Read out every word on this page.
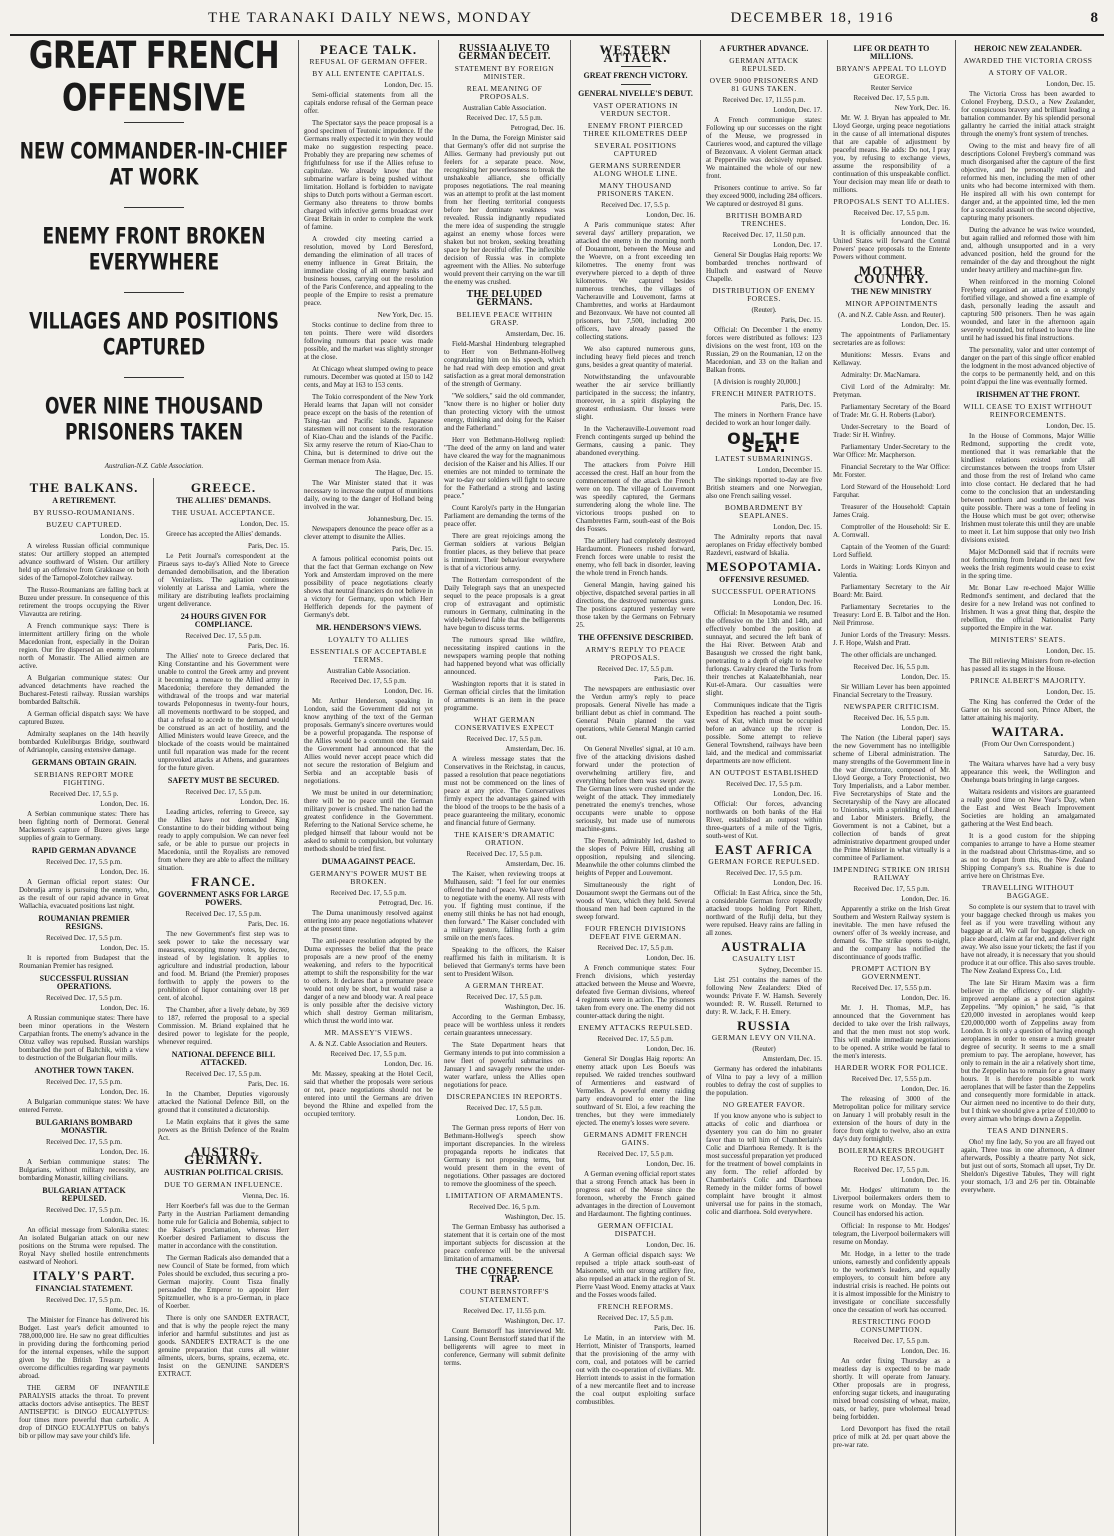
THE TARANAKI DAILY NEWS, MONDAY	DECEMBER 18, 1916	8
GREAT FRENCH OFFENSIVE
NEW COMMANDER-IN-CHIEF AT WORK
ENEMY FRONT BROKEN EVERYWHERE
VILLAGES AND POSITIONS CAPTURED
OVER NINE THOUSAND PRISONERS TAKEN
Australian-N.Z. Cable Association.
THE BALKANS.
A RETIREMENT.
BY RUSSO-ROUMANIANS.
BUZEU CAPTURED.
London, Dec. 15.

A wireless Russian official communique states: Our artillery stopped an attempted advance southward of Wisten. Our artillery held up an offensive from Grakkoase on both sides of the Tarnopol-Zolotchev railway.

The Russo-Roumanians are falling back at Buzeu under pressure. In consequence of this retirement the troops occupying the River Vlavautza are retiring.

A French communique says: There is intermittent artillery firing on the whole Macedonian front, especially in the Doiran region. Our fire dispersed an enemy column north of Monastir. The Allied airmen are active.

A Bulgarian communique states: Our advanced detachments have reached the Bucharest-Fetesti railway. Russian warships bombarded Baltschik.

A German official dispatch says: We have captured Buzeu.

Admiralty seaplanes on the 14th heavily bombarded Kuleliburgas Bridge, southward of Adrianople, causing extensive damage.

GERMANS OBTAIN GRAIN.
SERBIANS REPORT MORE FIGHTING.
Received Dec. 17, 5.5 p.
London, Dec. 16.

A Serbian communique states: There has been fighting north of Dermorat. General Mackensen's capture of Buzeu gives large supplies of grain to Germany.

RAPID GERMAN ADVANCE
Received Dec. 17, 5.5 p.m.
London, Dec. 16.

A German official report states: Our Dobrudja army is pursuing the enemy, who, as the result of our rapid advance in Great Wallachia, evacuated positions last night.

ROUMANIAN PREMIER RESIGNS.
Received Dec. 17, 5.5 p.m.
London, Dec. 15.

It is reported from Budapest that the Roumanian Premier has resigned.

SUCCESSFUL RUSSIAN OPERATIONS.
Received Dec. 17, 5.5 p.m.
London, Dec. 16.

A Russian communique states: There have been minor operations in the Western Carpathian fronts. The enemy's advance in the Oituz valley was repulsed. Russian warships bombarded the port of Baltchik, with a view to destruction of the Bulgarian flour mills.

ANOTHER TOWN TAKEN.
Received Dec. 17, 5.5 p.m.
London, Dec. 16.

A Bulgarian communique states: We have entered Ferrete.

BULGARIANS BOMBARD MONASTIR.
Received Dec. 17, 5.5 p.m.
London, Dec. 16.

A Serbian communique states: The Bulgarians, without military necessity, are bombarding Monastir, killing civilians.

BULGARIAN ATTACK REPULSED.
Received Dec. 17, 5.5 p.m.
London, Dec. 16.

An official message from Salonika states: An isolated Bulgarian attack on our new positions on the Struma were repulsed. The Royal Navy shelled hostile entrenchments eastward of Neohori.

ITALY'S PART.
FINANCIAL STATEMENT.
Received Dec. 17, 5.5 p.m.
Rome, Dec. 16.

The Minister for Finance has delivered his Budget. Last year's deficit amounted to 788,000,000 lire. He saw no great difficulties in providing during the forthcoming period for the internal expenses, while the support given by the British Treasury would overcome difficulties regarding war payments abroad.

THE GERM OF INFANTILE PARALYSIS attacks the throat. To prevent attacks doctors advise antiseptics. The BEST ANTISEPTIC is DINGO EUCALYPTUS: four times more powerful than carbolic. A drop of DINGO EUCALYPTUS on baby's bib or pillow may save your child's life.

GREECE.
THE ALLIES' DEMANDS.
THE USUAL ACCEPTANCE.
London, Dec. 15.

Greece has accepted the Allies' demands.

Paris, Dec. 15.

Le Petit Journal's correspondent at the Piraeus says to-day's Allied Note to Greece demanded demobilisation, and the liberation of Venizelists. The agitation continues violently at Larissa and Lamia, where the military are distributing leaflets proclaiming urgent deliverance.

24 HOURS GIVEN FOR COMPLIANCE.
Received Dec. 17, 5.5 p.m.
Paris, Dec. 16.

The Allies' note to Greece declared that King Constantine and his Government were unable to control the Greek army and prevent it becoming a menace to the Allied army in Macedonia; therefore they demanded the withdrawal of the troops and war material towards Peloponnesus in twenty-four hours, all movements northward to be stopped, and that a refusal to accede to the demand would be construed as an act of hostility, and the Allied Ministers would leave Greece, and the blockade of the coasts would be maintained until full reparation was made for the recent unprovoked attacks at Athens, and guarantees for the future given.

SAFETY MUST BE SECURED.
Received Dec. 17, 5.5 p.m.
London, Dec. 16.

Leading articles, referring to Greece, say the Allies have not demanded King Constantine to do their bidding without being ready to apply compulsion. We can never feel safe, or be able to pursue our projects in Macedonia, until the Royalists are removed from where they are able to affect the military situation.

FRANCE.
GOVERNMENT ASKS FOR LARGE POWERS.
Received Dec. 17, 5.5 p.m.
Paris, Dec. 16.

The new Government's first step was to seek power to take the necessary war measures, excepting money votes, by decree, instead of by legislation. It applies to agriculture and industrial production, labour and food. M. Briand (the Premier) proposes forthwith to apply the powers to the prohibition of liquor containing over 18 per cent. of alcohol.

The Chamber, after a lively debate, by 369 to 187, referred the proposal to a special Commission. M. Briand explained that he desired power to legislate for the people, whenever required.

NATIONAL DEFENCE BILL ATTACKED.
Received Dec. 17, 5.5 p.m.
Paris, Dec. 16.

In the Chamber, Deputies vigorously attacked the National Defence Bill, on the ground that it constituted a dictatorship.

Le Matin explains that it gives the same powers as the British Defence of the Realm Act.

AUSTRO-GERMANY.
AUSTRIAN POLITICAL CRISIS.
DUE TO GERMAN INFLUENCE.
Vienna, Dec. 16.

Herr Koerber's fall was due to the German Party in the Austrian Parliament demanding home rule for Galicia and Bohemia, subject to the Kaiser's proclamation, whereas Herr Koerber desired Parliament to discuss the matter in accordance with the constitution.

The German Radicals also demanded that a new Council of State be formed, from which Poles should be excluded, thus securing a pro-German majority. Count Tisza finally persuaded the Emperor to appoint Herr Spitzmueller, who is a pro-German, in place of Koerber.

There is only one SANDER EXTRACT, and that is why the people reject the many inferior and harmful substitutes and just as goods. SANDER'S EXTRACT is the one genuine preparation that cures all winter ailments, ulcers, burns, sprains, eczema, etc. Insist on the GENUINE SANDER'S EXTRACT.

PEACE TALK.
REFUSAL OF GERMAN OFFER.
BY ALL ENTENTE CAPITALS.
London, Dec. 15.

Semi-official statements from all the capitals endorse refusal of the German peace offer.

The Spectator says the peace proposal is a good specimen of Teutonic impudence. If the Germans really expected it to win they would make no suggestion respecting peace. Probably they are preparing new schemes of frightfulness for use if the Allies refuse to capitulate. We already know that the submarine warfare is being pushed without limitation. Holland is forbidden to navigate ships to Dutch ports without a German escort. Germany also threatens to throw bombs charged with infective germs broadcast over Great Britain in order to complete the work of famine.

A crowded city meeting carried a resolution, moved by Lord Beresford, demanding the elimination of all traces of enemy influence in Great Britain, the immediate closing of all enemy banks and business houses, carrying out the resolution of the Paris Conference, and appealing to the people of the Empire to resist a premature peace.

New York, Dec. 15.

Stocks continue to decline from three to ten points. There were wild disorders following rumours that peace was made possible, and the market was slightly stronger at the close.

At Chicago wheat slumped owing to peace rumours. December was quoted at 150 to 142 cents, and May at 163 to 153 cents.

The Tokio correspondent of the New York Herald learns that Japan will not consider peace except on the basis of the retention of Tsing-tau and Pacific islands. Japanese statesmen will not consent to the restoration of Kiao-Chau and the islands of the Pacific. Six army reserve the return of Kiao-Chau to China, but is determined to drive out the German menace from Asia.

The Hague, Dec. 15.

The War Minister stated that it was necessary to increase the output of munitions daily, owing to the danger of Holland being involved in the war.

Johannesburg, Dec. 15.

Newspapers denounce the peace offer as a clever attempt to disunite the Allies.

Paris, Dec. 15.

A famous political economist points out that the fact that German exchange on New York and Amsterdam improved on the mere possibility of peace negotiations clearly shows that neutral financiers do not believe in a victory for Germany, upon which Herr Helfferich depends for the payment of Germany's debt.

MR. HENDERSON'S VIEWS.
LOYALTY TO ALLIES
ESSENTIALS OF ACCEPTABLE TERMS.
Australian Cable Association.
Received Dec. 17, 5.5 p.m.
London, Dec. 16.

Mr. Arthur Henderson, speaking in London, said the Government did not yet know anything of the text of the German proposals. Germany's sincere overtures would be a powerful propaganda. The response of the Allies would be a common one. He said the Government had announced that the Allies would never accept peace which did not secure the restoration of Belgium and Serbia and an acceptable basis of negotiations.

We must be united in our determination; there will be no peace until the German military power is crushed. The nation had the greatest confidence in the Government. Referring to the National Service scheme, he pledged himself that labour would not be asked to submit to compulsion, but voluntary methods should be tried first.

DUMA AGAINST PEACE.
GERMANY'S POWER MUST BE BROKEN.
Received Dec. 17, 5.5 p.m.
Petrograd, Dec. 16.

The Duma unanimously resolved against entering into any peace negotiations whatever at the present time.

The anti-peace resolution adopted by the Duma expresses the belief that the peace proposals are a new proof of the enemy weakening, and refers to the hypocritical attempt to shift the responsibility for the war to others. It declares that a premature peace would not only be short, but would raise a danger of a new and bloody war. A real peace is only possible after the decisive victory which shall destroy German militarism, which thrust the world into war.

MR. MASSEY'S VIEWS.
A. & N.Z. Cable Association and Reuters.
Received Dec. 17, 5.5 p.m.
London, Dec. 16.

Mr. Massey, speaking at the Hotel Cecil, said that whether the proposals were serious or not, peace negotiations should not be entered into until the Germans are driven beyond the Rhine and expelled from the occupied territory.

RUSSIA ALIVE TO GERMAN DECEIT.
STATEMENT BY FOREIGN MINISTER.
REAL MEANING OF PROPOSALS.
Australian Cable Association.
Received Dec. 17, 5.5 p.m.
Petrograd, Dec. 16.

In the Duma, the Foreign Minister said that Germany's offer did not surprise the Allies. Germany had previously put out feelers for a separate peace. Now, recognising her powerlessness to break the unshakeable alliance, she officially proposes negotiations. The real meaning was an attempt to profit at the last moment from her fleeting territorial conquests before her dominate weakness was revealed. Russia indignantly repudiated the mere idea of suspending the struggle against an enemy whose forces were shaken but not broken, seeking breathing space by her deceitful offer. The inflexible decision of Russia was in complete agreement with the Allies. No subterfuge would prevent their carrying on the war till the enemy was crushed.

THE DELUDED GERMANS.
BELIEVE PEACE WITHIN GRASP.
Amsterdam, Dec. 16.

Field-Marshal Hindenburg telegraphed to Herr von Bethmann-Hollweg congratulating him on his speech, which he had read with deep emotion and great satisfaction as a great moral demonstration of the strength of Germany.

"We soldiers," said the old commander, "know there is no higher or holier duty than protecting victory with the utmost energy, thinking and doing for the Kaiser and the Fatherland."

Herr von Bethmann-Hollweg replied: "The deed of the army on land and water have cleared the way for the magnanimous decision of the Kaiser and his Allies. If our enemies are not minded to terminate the war to-day our soldiers will fight to secure for the Fatherland a strong and lasting peace."

Count Karolyi's party in the Hungarian Parliament are demanding the terms of the peace offer.

There are great rejoicings among the German soldiers at various Belgian frontier places, as they believe that peace is imminent. Their behaviour everywhere is that of a victorious army.

The Rotterdam correspondent of the Daily Telegraph says that an unexpected sequel to the peace proposals is a great crop of extravagant and optimistic rumours in Germany, culminating in the widely-believed fable that the belligerents have begun to discuss terms.

The rumours spread like wildfire, necessitating inspired cautions in the newspapers warning people that nothing had happened beyond what was officially announced.

Washington reports that it is stated in German official circles that the limitation of armaments is an item in the peace programme.

WHAT GERMAN CONSERVATIVES EXPECT
Received Dec. 17, 5.5 p.m.
Amsterdam, Dec. 16.

A wireless message states that the Conservatives in the Reichstag, in caucus, passed a resolution that peace negotiations must not be commenced on the lines of peace at any price. The Conservatives firmly expect the advantages gained with the blood of the troops to be the basis of a peace guaranteeing the military, economic and financial future of Germany.

THE KAISER'S DRAMATIC ORATION.
Received Dec. 17, 5.5 p.m.
Amsterdam, Dec. 16.

The Kaiser, when reviewing troops at Mulhausen, said: "I feel for our enemies offered the hand of peace. We have offered to negotiate with the enemy. All rests with you. If fighting must continue, if the enemy still thinks he has not had enough, then forward." The Kaiser concluded with a military gesture, falling forth a grim smile on the men's faces.

Speaking to the officers, the Kaiser reaffirmed his faith in militarism. It is believed that Germany's terms have been sent to President Wilson.

A GERMAN THREAT.
Received Dec. 17, 5.5 p.m.
Washington, Dec. 16.

According to the German Embassy, peace will be worthless unless it renders certain guarantees unnecessary.

The State Department hears that Germany intends to put into commission a new fleet of powerful submarines on January 1 and savagely renew the under-water warfare, unless the Allies open negotiations for peace.

DISCREPANCIES IN REPORTS.
Received Dec. 17, 5.5 p.m.
London, Dec. 16.

The German press reports of Herr von Bethmann-Hollweg's speech show important discrepancies. In the wireless propaganda reports he indicates that Germany is not proposing terms, but would present them in the event of negotiations. Other passages are doctored to remove the gloominess of the speech.

LIMITATION OF ARMAMENTS.
Received Dec. 16, 5 p.m.
Washington, Dec. 15.

The German Embassy has authorised a statement that it is certain one of the most important subjects for discussion at the peace conference will be the universal limitation of armaments.

THE CONFERENCE TRAP.
COUNT BERNSTORFF'S STATEMENT.
Received Dec. 17, 11.55 p.m.
Washington, Dec. 17.

Count Bernstorff has interviewed Mr. Lansing. Count Bernstorff stated that if the belligerents will agree to meet in conference, Germany will submit definite terms.

WESTERN ATTACK.
GREAT FRENCH VICTORY.
GENERAL NIVELLE'S DEBUT.
VAST OPERATIONS IN VERDUN SECTOR.
ENEMY FRONT PIERCED THREE KILOMETRES DEEP
SEVERAL POSITIONS CAPTURED
GERMANS SURRENDER ALONG WHOLE LINE.
MANY THOUSAND PRISONERS TAKEN.
Received Dec. 17, 5.5 p.
London, Dec. 16.

A Paris communique states: After several days' artillery preparation, we attacked the enemy in the morning north of Douaumont, between the Meuse and the Woevre, on a front exceeding ten kilometres. The enemy front was everywhere pierced to a depth of three kilometres. We captured besides numerous trenches, the villages of Vacherauville and Louvemont, farms at Chambrettes, and works at Hardaumont and Bezonvaux. We have not counted all prisoners, but 7,500, including 200 officers, have already passed the collecting stations.

We also captured numerous guns, including heavy field pieces and trench guns, besides a great quantity of material.

Notwithstanding the unfavourable weather the air service brilliantly participated in the success; the infantry, moreover, in a spirit displaying the greatest enthusiasm. Our losses were slight.

In the Vacherauville-Louvemont road French contingents surged up behind the Germans, causing a panic. They abandoned everything.

The attackers from Poivre Hill accessed the crest. Half an hour from the commencement of the attack the French were on top. The village of Louvemont was speedily captured, the Germans surrendering along the whole line. The victorious troops pushed on to Chambrettes Farm, south-east of the Bois des Fosses.

The artillery had completely destroyed Hardaumont. Pioneers rushed forward, French forces were unable to resist the enemy, who fell back in disorder, leaving the whole trend in French hands.

General Mangin, having gained his objective, dispatched several parties in all directions, the destroyed numerous guns. The positions captured yesterday were those taken by the Germans on February 25.

THE OFFENSIVE DESCRIBED.
ARMY'S REPLY TO PEACE PROPOSALS.
Received Dec. 17, 5.5 p.m.
Paris, Dec. 16.

The newspapers are enthusiastic over the Verdun army's reply to peace proposals. General Nivelle has made a brilliant debut as chief in command. The General Pétain planned the vast operations, while General Mangin carried out.

On General Nivelles' signal, at 10 a.m. five of the attacking divisions dashed forward under the protection of overwhelming artillery fire, and everything before them was swept away. The German lines were crushed under the weight of the attack. They immediately penetrated the enemy's trenches, whose occupants were unable to oppose seriously, but made use of numerous machine-guns.

The French, admirably led, dashed to the slopes of Poivre Hill, crushing all opposition, repulsing and silencing. Meanwhile the other columns climbed the heights of Pepper and Louvemont.

Simultaneously the right of Douaumont swept the Germans out of the woods of Vaux, which they held. Several thousand men had been captured in the sweep forward.

FOUR FRENCH DIVISIONS DEFEAT FIVE GERMAN.
Received Dec. 17, 5.5 p.m.
London, Dec. 16.

A French communique states: Four French divisions, which yesterday attacked between the Meuse and Woevre, defeated five German divisions, whereof 4 regiments were in action. The prisoners taken from every one. The enemy did not counter-attack during the night.

ENEMY ATTACKS REPULSED.
Received Dec. 17, 5.5 p.m.
London, Dec. 16.

General Sir Douglas Haig reports: An enemy attack upon Les Boeufs was repulsed. We raided trenches southward of Armentieres and eastward of Vermelles. A powerful enemy raiding party endeavoured to enter the line southward of St. Eloi, a few reaching the trenches, but they were immediately ejected. The enemy's losses were severe.

GERMANS ADMIT FRENCH GAINS.
Received Dec. 17, 5.5 p.m.
London, Dec. 16.

A German evening official report states that a strong French attack has been in progress east of the Meuse since the forenoon, whereby the French gained advantages in the direction of Louvemont and Hardaumont. The fighting continues.

GERMAN OFFICIAL DISPATCH.
London, Dec. 16.

A German official dispatch says: We repulsed a triple attack south-east of Maisonette, with our strong artillery fire, also repulsed an attack in the region of St. Pierre Vaast Wood. Enemy attacks at Vaux and the Fosses woods failed.

FRENCH REFORMS.
Received Dec. 17, 5.5 p.m.
Paris, Dec. 16.

Le Matin, in an interview with M. Herriott, Minister of Transports, learned that the provisioning of the army with corn, coal, and potatoes will be carried out with the co-operation of civilians. Mr. Herriott intends to assist in the formation of a new mercantile fleet and to increase the coal output exploiting surface combustibles.

A FURTHER ADVANCE.
GERMAN ATTACK REPULSED.
OVER 9000 PRISONERS AND 81 GUNS TAKEN.
Received Dec. 17, 11.55 p.m.
London, Dec. 17.

A French communique states: Following up our successes on the right of the Meuse, we progressed in Caurieres wood, and captured the village of Bezonvaux. A violent German attack at Pepperville was decisively repulsed. We maintained the whole of our new front.

Prisoners continue to arrive. So far they exceed 9000, including 284 officers. We captured or destroyed 81 guns.

BRITISH BOMBARD TRENCHES.
Received Dec. 17, 11.50 p.m.
London, Dec. 17.

General Sir Douglas Haig reports: We bombarded trenches northward of Hulluch and eastward of Neuve Chapelle.

DISTRIBUTION OF ENEMY FORCES.
(Reuter).
Paris, Dec. 15.

Official: On December 1 the enemy forces were distributed as follows: 123 divisions on the west front, 103 on the Russian, 29 on the Roumanian, 12 on the Macedonian, and 33 on the Italian and Balkan fronts.

[A division is roughly 20,000.]

FRENCH MINER PATRIOTS.
Paris, Dec. 15.

The miners in Northern France have decided to work an hour longer daily.

ON THE SEA.
LATEST SUBMARININGS.
London, December 15.

The sinkings reported to-day are five British steamers and one Norwegian, also one French sailing vessel.

BOMBARDMENT BY SEAPLANES.
London, Dec. 15.

The Admiralty reports that naval aeroplanes on Friday effectively bombed Razdevri, eastward of Iskalia.

MESOPOTAMIA.
OFFENSIVE RESUMED.
SUCCESSFUL OPERATIONS
London, Dec. 16.

Official: In Mesopotamia we resumed the offensive on the 13th and 14th, and effectively bombed the position at sunnayat, and secured the left bank of the Hai River. Between Atab and Basaugush we crossed the right bank, penetrating to a depth of eight to twelve furlongs. Cavalry cleared the Turks from their trenches at Kalaatelbhaniah, near Kut-el-Amara. Our casualties were slight.

Communiques indicate that the Tigris Expedition has reached a point south-west of Kut, which must be occupied before an advance up the river is possible. Some attempt to relieve General Townshend, railways have been laid, and the medical and commissariat departments are now efficient.

AN OUTPOST ESTABLISHED
Received Dec. 17, 5.5 p.m.
London, Dec. 16.

Official: Our forces, advancing northwards on both banks of the Hai River, established an outpost within three-quarters of a mile of the Tigris, south-west of Kut.

EAST AFRICA
GERMAN FORCE REPULSED.
Received Dec. 17, 5.5 p.m.
London, Dec. 16.

Official: In East Africa, since the 5th, a considerable German force repeatedly attacked troops holding Port Rihett, northward of the Rufiji delta, but they were repulsed. Heavy rains are falling in all zones.

AUSTRALIA
CASUALTY LIST
Sydney, December 15.

List 251 contains the names of the following New Zealanders: Died of wounds: Private F. W. Hamsh. Severely wounded: R. W. Russell. Returned to duty: R. W. Jack, F. H. Emery.

RUSSIA
GERMAN LEVY ON VILNA.
(Reuter)
Amsterdam, Dec. 15.

Germany has ordered the inhabitants of Vilna to pay a levy of a million roubles to defray the cost of supplies to the population.

NO GREATER FAVOR.

If you know anyone who is subject to attacks of colic and diarrhoea or dysentery you can do him no greater favor than to tell him of Chamberlain's Colic and Diarrhoea Remedy. It is the most successful preparation yet produced for the treatment of bowel complaints in any form. The relief afforded by Chamberlain's Colic and Diarrhoea Remedy in the milder forms of bowel complaint have brought it almost universal use for pains in the stomach, colic and diarrhoea. Sold everywhere.

LIFE OR DEATH TO MILLIONS.
BRYAN'S APPEAL TO LLOYD GEORGE.
Reuter Service
Received Dec. 17, 5.5 p.m.
New York, Dec. 16.

Mr. W. J. Bryan has appealed to Mr. Lloyd George, urging peace negotiations in the cause of all international disputes that are capable of adjustment by peaceful means. He adds: Do not, I pray you, by refusing to exchange views, assume the responsibility of a continuation of this unspeakable conflict. Your decision may mean life or death to millions.

PROPOSALS SENT TO ALLIES.
Received Dec. 17, 5.5 p.m.
London, Dec. 16.

It is officially announced that the United States will forward the Central Powers' peace proposals to the Entente Powers without comment.

MOTHER COUNTRY.
THE NEW MINISTRY
MINOR APPOINTMENTS
(A. and N.Z. Cable Assn. and Reuter).
London, Dec. 15.

The appointments of Parliamentary secretaries are as follows:

Munitions: Messrs. Evans and Kellaway.

Admiralty: Dr. MacNamara.

Civil Lord of the Admiralty: Mr. Pretyman.

Parliamentary Secretary of the Board of Trade: Mr. G. H. Roberts (Labor).

Under-Secretary to the Board of Trade: Sir H. Winfrey.

Parliamentary Under-Secretary to the War Office: Mr. Macpherson.

Financial Secretary to the War Office: Mr. Forster.

Lord Steward of the Household: Lord Farquhar.

Treasurer of the Household: Captain James Craig.

Comptroller of the Household: Sir E. A. Cornwall.

Captain of the Yeomen of the Guard: Lord Suffield.

Lords in Waiting: Lords Kinyon and Valentia.

Parliamentary Secretary to the Air Board: Mr. Baird.

Parliamentary Secretaries to the Treasury: Lord E. B. Talbot and the Hon. Neil Primrose.

Junior Lords of the Treasury: Messrs. J. F. Hope, Walsh and Pratt.

The other officials are unchanged.

Received Dec. 16, 5.5 p.m.
London, Dec. 15.

Sir William Lever has been appointed Financial Secretary to the Treasury.

NEWSPAPER CRITICISM.
Received Dec. 16, 5.5 p.m.
London, Dec. 15.

The Nation (the Liberal paper) says the new Government has no intelligible scheme of Liberal administration. The many strengths of the Government line in the war directorate, composed of Mr. Lloyd George, a Tory Protectionist, two Tory Imperialists, and a Labor member. Five Secretaryships of State and the Secretaryship of the Navy are allocated to Unionists, with a sprinkling of Liberal and Labor Ministers. Briefly, the Government is not a Cabinet, but a collection of bands of great administrative department grouped under the Prime Minister in what virtually is a committee of Parliament.

IMPENDING STRIKE ON IRISH RAILWAY
Received Dec. 17, 5.5 p.m.
London, Dec. 16.

Apparently a strike on the Irish Great Southern and Western Railway system is inevitable. The men have refused the owners' offer of 3s weekly increase, and demand 6s. The strike opens to-night, and the company has notified the discontinuance of goods traffic.

PROMPT ACTION BY GOVERNMENT.
Received Dec. 17, 5.55 p.m.
London, Dec. 16.

Mr. J. H. Thomas, M.P., has announced that the Government has decided to take over the Irish railways, and that the men must not stop work. This will enable immediate negotiations to be opened. A strike would be fatal to the men's interests.

HARDER WORK FOR POLICE.
Received Dec. 17, 5.55 p.m.
London, Dec. 16.

The releasing of 3000 of the Metropolitan police for military service on January 1 will probably result in the extension of the hours of duty in the force from eight to twelve, also an extra day's duty fortnightly.

BOILERMAKERS BROUGHT TO REASON.
Received Dec. 17, 5.5 p.m.
London, Dec. 16.

Mr. Hodges' ultimatum to the Liverpool boilermakers orders them to resume work on Monday. The War Council has endorsed his action.

Official: In response to Mr. Hodges' telegram, the Liverpool boilermakers will resume on Monday.

Mr. Hodge, in a letter to the trade unions, earnestly and confidently appeals to the workmen's leaders, and equally employers, to consult him before any industrial crisis is reached. He points out it is almost impossible for the Ministry to investigate or conciliate successfully once the cessation of work has occurred.

RESTRICTING FOOD CONSUMPTION.
Received Dec. 17, 5.5 p.m.
London, Dec. 16.

An order fixing Thursday as a meatless day is expected to be made shortly. It will operate from January. Other proposals are in progress, enforcing sugar tickets, and inaugurating mixed bread consisting of wheat, maize, oats, or barley, pure wholemeal bread being forbidden.

Lord Devonport has fixed the retail price of milk at 2d. per quart above the pre-war rate.

HEROIC NEW ZEALANDER.
AWARDED THE VICTORIA CROSS
A STORY OF VALOR.
London, Dec. 15.

The Victoria Cross has been awarded to Colonel Freyberg, D.S.O., a New Zealander, for conspicuous bravery and brilliant leading a battalion commander. By his splendid personal gallantry he carried the initial attack straight through the enemy's front system of trenches.

Owing to the mist and heavy fire of all descriptions Colonel Freyberg's command was much disorganised after the capture of the first objective, and he personally rallied and reformed his men, including the men of other units who had become intermixed with them. He inspired all with his own contempt for danger and, at the appointed time, led the men for a successful assault on the second objective, capturing many prisoners.

During the advance he was twice wounded, but again rallied and reformed those with him and, although unsupported and in a very advanced position, held the ground for the remainder of the day and throughout the night under heavy artillery and machine-gun fire.

When reinforced in the morning Colonel Freyberg organised an attack on a strongly fortified village, and showed a fine example of dash, personally leading the assault and capturing 500 prisoners. Then he was again wounded, and later in the afternoon again severely wounded, but refused to leave the line until he had issued his final instructions.

The personality, valor and utter contempt of danger on the part of this single officer enabled the lodgment in the most advanced objective of the corps to be permanently held, and on this point d'appui the line was eventually formed.

IRISHMEN AT THE FRONT.
WILL CEASE TO EXIST WITHOUT REINFORCEMENTS.
London, Dec. 15.

In the House of Commons, Major Willie Redmond, supporting the credit vote, mentioned that it was remarkable that the kindliest relations existed under all circumstances between the troops from Ulster and those from the rest of Ireland who came into close contact. He declared that he had come to the conclusion that an understanding between northern and southern Ireland was quite possible. There was a tone of feeling in the House which must be got over; otherwise Irishmen must tolerate this until they are unable to meet it. Let him suppose that only two Irish divisions existed.

Major McDonnell said that if recruits were not forthcoming from Ireland in the next few weeks the Irish regiments would cease to exist in the spring time.

Mr. Bonar Law re-echoed Major Willie Redmond's sentiment, and declared that the desire for a new Ireland was not confined to Irishmen. It was a great thing that, despite the rebellion, the official Nationalist Party supported the Empire in the war.

MINISTERS' SEATS.
London, Dec. 15.

The Bill relieving Ministers from re-election has passed all its stages in the House.

PRINCE ALBERT'S MAJORITY.
London, Dec. 15.

The King has conferred the Order of the Garter on his second son, Prince Albert, the latter attaining his majority.

WAITARA.
(From Our Own Correspondent.)
Saturday, Dec. 16.

The Waitara wharves have had a very busy appearance this week, the Wellington and Onehunga boats bringing in large cargoes.

Waitara residents and visitors are guaranteed a really good time on New Year's Day, when the East and West Beach Improvement Societies are holding an amalgamated gathering at the West End beach.

It is a good custom for the shipping companies to arrange to have a Home steamer in the roadstead about Christmas-time, and so as not to depart from this, the New Zealand Shipping Company's s.s. Ruahine is due to arrive here on Christmas Eve.

TRAVELLING WITHOUT BAGGAGE.

So complete is our system that to travel with your baggage checked through us makes you feel as if you were travelling without any baggage at all. We call for baggage, check on place aboard, claim at far end, and deliver right away. We also issue your tickets; the fast if you have not already, it is necessary that you should produce it at our office. This also saves trouble. The New Zealand Express Co., Ltd.

The late Sir Hiram Maxim was a firm believer in the efficiency of our slightly-improved aeroplane as a protection against Zeppelins. "My opinion," he said, "is that £20,000 invested in aeroplanes would keep £20,000,000 worth of Zeppelins away from London. It is only a question of having enough aeroplanes in order to ensure a much greater degree of security. It seems to me a small premium to pay. The aeroplane, however, has only to remain in the air a relatively short time, but the Zeppelin has to remain for a great many hours. It is therefore possible to work aeroplanes that will be faster than the Zeppelins and consequently more formidable in attack. Our airmen need no incentive to do their duty, but I think we should give a prize of £10,000 to every airman who brings down a Zeppelin.

TEAS AND DINNERS.

Oho! my fine lady, So you are all frayed out again, Three teas in one afternoon, A dinner afterwards, Possibly a theatre party Not sick, but just out of sorts, Stomach all upset, Try Dr. Sheldon's Digestive Tabules, They will right your stomach, 1/3 and 2/6 per tin. Obtainable everywhere.
